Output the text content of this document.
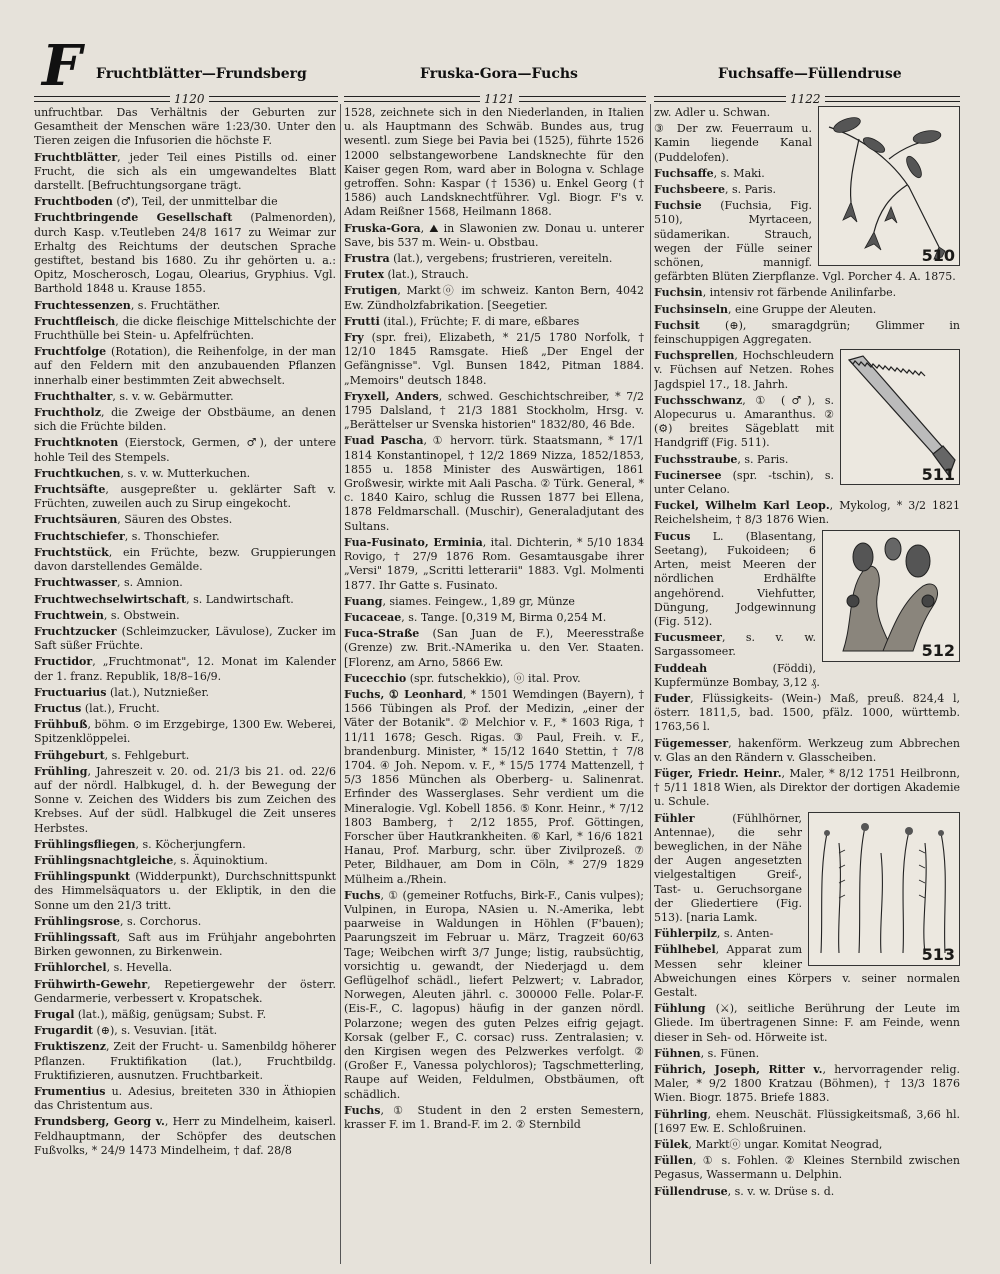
F Fruchtblätter—Frundsberg	Fruska-Gora—Fuchs	Fuchsaffe—Füllendruse
1120	1121	1122
unfruchtbar. Das Verhältnis der Geburten zur Gesamtheit der Menschen wäre 1:23/30. Unter den Tieren zeigen die Infusorien die höchste F.
Fruchtblätter, jeder Teil eines Pistills od. einer Frucht, die sich als ein umgewandeltes Blatt darstellt. [Befruchtungsorgane trägt.
Fruchtboden (♂), Teil, der unmittelbar die
Fruchtbringende Gesellschaft (Palmenorden), durch Kasp. v.Teutleben 24/8 1617 zu Weimar zur Erhaltg des Reichtums der deutschen Sprache gestiftet, bestand bis 1680. Zu ihr gehörten u. a.: Opitz, Moscherosch, Logau, Olearius, Gryphius. Vgl. Barthold 1848 u. Krause 1855.
Fruchtessenzen, s. Fruchtäther.
Fruchtfleisch, die dicke fleischige Mittelschichte der Fruchthülle bei Stein- u. Apfelfrüchten.
Fruchtfolge (Rotation), die Reihenfolge, in der man auf den Feldern mit den anzubauenden Pflanzen innerhalb einer bestimmten Zeit abwechselt.
Fruchthalter, s. v. w. Gebärmutter.
Fruchtholz, die Zweige der Obstbäume, an denen sich die Früchte bilden.
Fruchtknoten (Eierstock, Germen, ♂), der untere hohle Teil des Stempels.
Fruchtkuchen, s. v. w. Mutterkuchen.
Fruchtsäfte, ausgepreßter u. geklärter Saft v. Früchten, zuweilen auch zu Sirup eingekocht.
Fruchtsäuren, Säuren des Obstes.
Fruchtschiefer, s. Thonschiefer.
Fruchtstück, ein Früchte, bezw. Gruppierungen davon darstellendes Gemälde.
Fruchtwasser, s. Amnion.
Fruchtwechselwirtschaft, s. Landwirtschaft.
Fruchtwein, s. Obstwein.
Fruchtzucker (Schleimzucker, Lävulose), Zucker im Saft süßer Früchte.
Fructidor, „Fruchtmonat", 12. Monat im Kalender der 1. franz. Republik, 18/8–16/9.
Fructuarius (lat.), Nutznießer.
Fructus (lat.), Frucht.
Frühbuß, böhm. ⊙ im Erzgebirge, 1300 Ew. Weberei, Spitzenklöppelei.
Frühgeburt, s. Fehlgeburt.
Frühling, Jahreszeit v. 20. od. 21/3 bis 21. od. 22/6 auf der nördl. Halbkugel, d. h. der Bewegung der Sonne v. Zeichen des Widders bis zum Zeichen des Krebses. Auf der südl. Halbkugel die Zeit unseres Herbstes.
Frühlingsfliegen, s. Köcherjungfern.
Frühlingsnachtgleiche, s. Äquinoktium.
Frühlingspunkt (Widderpunkt), Durchschnittspunkt des Himmelsäquators u. der Ekliptik, in den die Sonne um den 21/3 tritt.
Frühlingsrose, s. Corchorus.
Frühlingssaft, Saft aus im Frühjahr angebohrten Birken gewonnen, zu Birkenwein.
Frühlorchel, s. Hevella.
Frühwirth-Gewehr, Repetiergewehr der österr. Gendarmerie, verbessert v. Kropatschek.
Frugal (lat.), mäßig, genügsam; Subst. F.
Frugardit (⊕), s. Vesuvian. [ität.
Fruktiszenz, Zeit der Frucht- u. Samenbildg höherer Pflanzen. Fruktifikation (lat.), Fruchtbildg. Fruktifizieren, ausnutzen. Fruchtbarkeit.
Frumentius u. Adesius, breiteten 330 in Äthiopien das Christentum aus.
Frundsberg, Georg v., Herr zu Mindelheim, kaiserl. Feldhauptmann, der Schöpfer des deutschen Fußvolks, * 24/9 1473 Mindelheim, † daf. 28/8
1528, zeichnete sich in den Niederlanden, in Italien u. als Hauptmann des Schwäb. Bundes aus, trug wesentl. zum Siege bei Pavia bei (1525), führte 1526 12000 selbstangeworbene Landsknechte für den Kaiser gegen Rom, ward aber in Bologna v. Schlage getroffen. Sohn: Kaspar († 1536) u. Enkel Georg († 1586) auch Landsknechtführer. Vgl. Biogr. F's v. Adam Reißner 1568, Heilmann 1868.
Fruska-Gora, ⛰ in Slawonien zw. Donau u. unterer Save, bis 537 m. Wein- u. Obstbau.
Frustra (lat.), vergebens; frustrieren, vereiteln.
Frutex (lat.), Strauch.
Frutigen, Marktⓞ im schweiz. Kanton Bern, 4042 Ew. Zündholzfabrikation. [Seegetier.
Frutti (ital.), Früchte; F. di mare, eßbares
Fry (spr. frei), Elizabeth, * 21/5 1780 Norfolk, † 12/10 1845 Ramsgate. Hieß „Der Engel der Gefängnisse". Vgl. Bunsen 1842, Pitman 1884. „Memoirs" deutsch 1848.
Fryxell, Anders, schwed. Geschichtschreiber, * 7/2 1795 Dalsland, † 21/3 1881 Stockholm, Hrsg. v. „Berättelser ur Svenska historien" 1832/80, 46 Bde.
Fuad Pascha, ① hervorr. türk. Staatsmann, * 17/1 1814 Konstantinopel, † 12/2 1869 Nizza, 1852/1853, 1855 u. 1858 Minister des Auswärtigen, 1861 Großwesir, wirkte mit Aali Pascha. ② Türk. General, * c. 1840 Kairo, schlug die Russen 1877 bei Ellena, 1878 Feldmarschall. (Muschir), Generaladjutant des Sultans.
Fua-Fusinato, Erminia, ital. Dichterin, * 5/10 1834 Rovigo, † 27/9 1876 Rom. Gesamtausgabe ihrer „Versi" 1879, „Scritti letterarii" 1883. Vgl. Molmenti 1877. Ihr Gatte s. Fusinato.
Fuang, siames. Feingew., 1,89 gr, Münze
Fucaceae, s. Tange. [0,319 M, Birma 0,254 M.
Fuca-Straße (San Juan de F.), Meeresstraße (Grenze) zw. Brit.-NAmerika u. den Ver. Staaten. [Florenz, am Arno, 5866 Ew.
Fucecchio (spr. futschekkio), ⓞ ital. Prov.
Fuchs, ① Leonhard, * 1501 Wemdingen (Bayern), † 1566 Tübingen als Prof. der Medizin, „einer der Väter der Botanik". ② Melchior v. F., * 1603 Riga, † 11/11 1678; Gesch. Rigas. ③ Paul, Freih. v. F., brandenburg. Minister, * 15/12 1640 Stettin, † 7/8 1704. ④ Joh. Nepom. v. F., * 15/5 1774 Mattenzell, † 5/3 1856 München als Oberberg- u. Salinenrat. Erfinder des Wasserglases. Sehr verdient um die Mineralogie. Vgl. Kobell 1856. ⑤ Konr. Heinr., * 7/12 1803 Bamberg, † 2/12 1855, Prof. Göttingen, Forscher über Hautkrankheiten. ⑥ Karl, * 16/6 1821 Hanau, Prof. Marburg, schr. über Zivilprozeß. ⑦ Peter, Bildhauer, am Dom in Cöln, * 27/9 1829 Mülheim a./Rhein.
Fuchs, ① (gemeiner Rotfuchs, Birk-F., Canis vulpes); Vulpinen, in Europa, NAsien u. N.-Amerika, lebt paarweise in Waldungen in Höhlen (F'bauen); Paarungszeit im Februar u. März, Tragzeit 60/63 Tage; Weibchen wirft 3/7 Junge; listig, raubsüchtig, vorsichtig u. gewandt, der Niederjagd u. dem Geflügelhof schädl., liefert Pelzwert; v. Labrador, Norwegen, Aleuten jährl. c. 300000 Felle. Polar-F. (Eis-F., C. lagopus) häufig in der ganzen nördl. Polarzone; wegen des guten Pelzes eifrig gejagt. Korsak (gelber F., C. corsac) russ. Zentralasien; v. den Kirgisen wegen des Pelzwerkes verfolgt. ② (Großer F., Vanessa polychloros); Tagschmetterling, Raupe auf Weiden, Feldulmen, Obstbäumen, oft schädlich.
Fuchs, ① Student in den 2 ersten Semestern, krasser F. im 1. Brand-F. im 2. ② Sternbild
510
zw. Adler u. Schwan.
③ Der zw. Feuerraum u. Kamin liegende Kanal (Puddelofen).
Fuchsaffe, s. Maki.
Fuchsbeere, s. Paris.
Fuchsie (Fuchsia, Fig. 510), Myrtaceen, südamerikan. Strauch, wegen der Fülle seiner schönen, mannigf. gefärbten Blüten Zierpflanze. Vgl. Porcher 4. A. 1875.
Fuchsin, intensiv rot färbende Anilinfarbe.
Fuchsinseln, eine Gruppe der Aleuten.
Fuchsit (⊕), smaragdgrün; Glimmer in feinschuppigen Aggregaten.
511
Fuchsprellen, Hochschleudern v. Füchsen auf Netzen. Rohes Jagdspiel 17., 18. Jahrh.
Fuchsschwanz, ① (♂), s. Alopecurus u. Amaranthus. ② (⚙) breites Sägeblatt mit Handgriff (Fig. 511).
Fuchsstraube, s. Paris.
Fucinersee (spr. -tschin), s. unter Celano.
Fuckel, Wilhelm Karl Leop., Mykolog, * 3/2 1821 Reichelsheim, † 8/3 1876 Wien.
512
Fucus L. (Blasentang, Seetang), Fukoideen; 6 Arten, meist Meeren der nördlichen Erdhälfte angehörend. Viehfutter, Düngung, Jodgewinnung (Fig. 512).
Fucusmeer, s. v. w. Sargassomeer.
Fuddeah (Föddi), Kupfermünze Bombay, 3,12 ₰.
Fuder, Flüssigkeits- (Wein-) Maß, preuß. 824,4 l, österr. 1811,5, bad. 1500, pfälz. 1000, württemb. 1763,56 l.
Fügemesser, hakenförm. Werkzeug zum Abbrechen v. Glas an den Rändern v. Glasscheiben.
Füger, Friedr. Heinr., Maler, * 8/12 1751 Heilbronn, † 5/11 1818 Wien, als Direktor der dortigen Akademie u. Schule.
513
Fühler (Fühlhörner, Antennae), die sehr beweglichen, in der Nähe der Augen angesetzten vielgestaltigen Greif-, Tast- u. Geruchsorgane der Gliedertiere (Fig. 513). [naria Lamk.
Fühlerpilz, s. Anten-
Fühlhebel, Apparat zum Messen sehr kleiner Abweichungen eines Körpers v. seiner normalen Gestalt.
Fühlung (⚔), seitliche Berührung der Leute im Gliede. Im übertragenen Sinne: F. am Feinde, wenn dieser in Seh- od. Hörweite ist.
Fühnen, s. Fünen.
Führich, Joseph, Ritter v., hervorragender relig. Maler, * 9/2 1800 Kratzau (Böhmen), † 13/3 1876 Wien. Biogr. 1875. Briefe 1883.
Führling, ehem. Neuschät. Flüssigkeitsmaß, 3,66 hl. [1697 Ew. E. Schloßruinen.
Fülek, Marktⓞ ungar. Komitat Neograd,
Füllen, ① s. Fohlen. ② Kleines Sternbild zwischen Pegasus, Wassermann u. Delphin.
Füllendruse, s. v. w. Drüse s. d.
